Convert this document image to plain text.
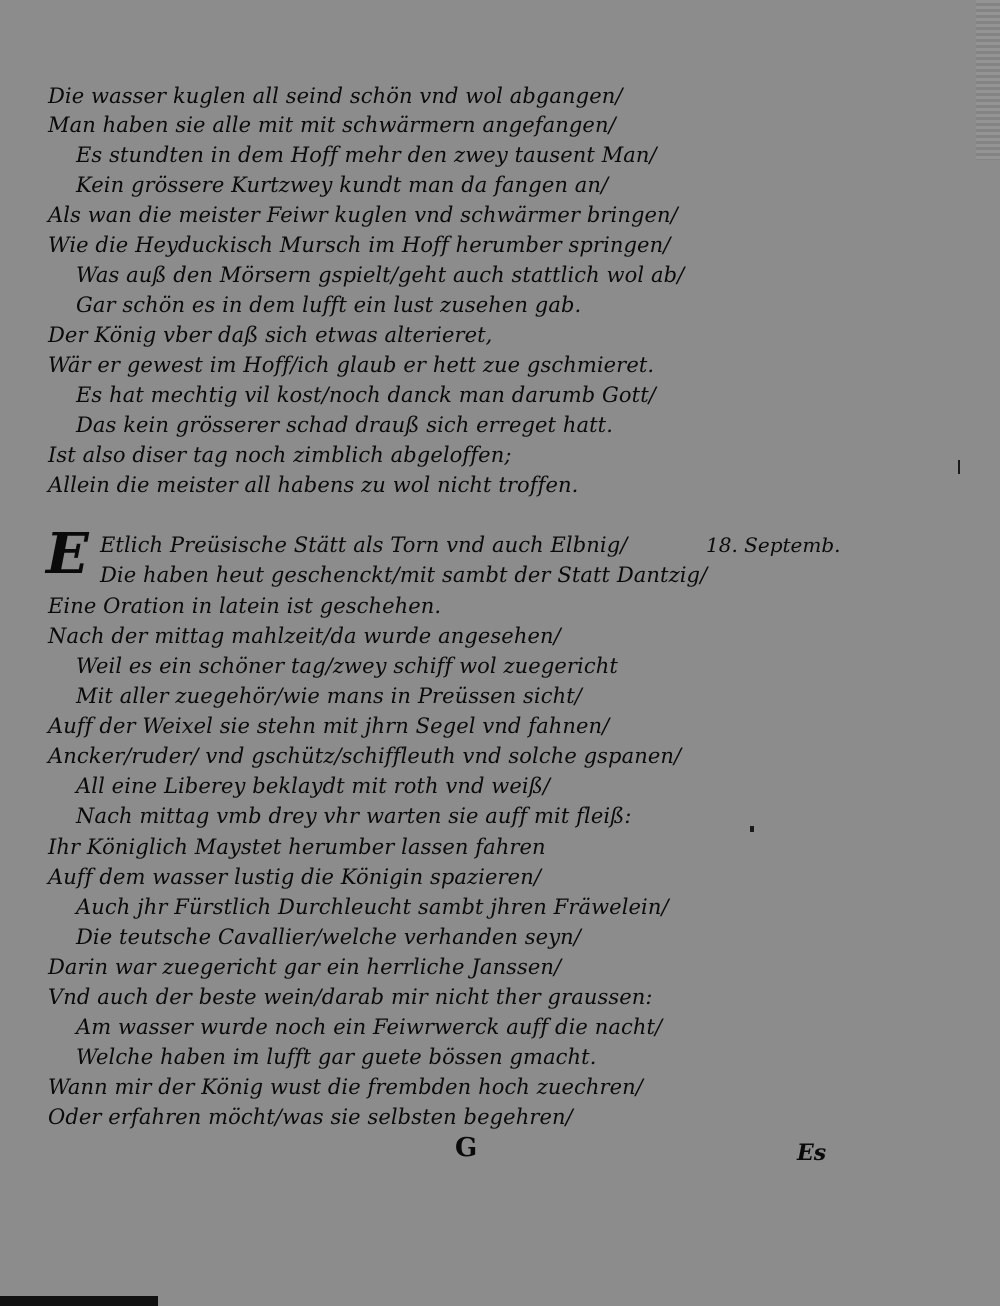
Die wasser kuglen all seind schön vnd wol abgangen/
Man haben sie alle mit mit schwärmern angefangen/
Es stundten in dem Hoff mehr den zwey tausent Man/
Kein grössere Kurtzwey kundt man da fangen an/
Als wan die meister Feiwr kuglen vnd schwärmer bringen/
Wie die Heyduckisch Mursch im Hoff herumber springen/
Was auß den Mörsern gspielt/geht auch stattlich wol ab/
Gar schön es in dem lufft ein lust zusehen gab.
Der König vber daß sich etwas alterieret,
Wär er gewest im Hoff/ich glaub er hett zue gschmieret.
Es hat mechtig vil kost/noch danck man darumb Gott/
Das kein grösserer schad drauß sich erreget hatt.
Ist also diser tag noch zimblich abgeloffen;
Allein die meister all habens zu wol nicht troffen.
E	18. Septemb.
Etlich Preüsische Stätt als Torn vnd auch Elbnig/
Die haben heut geschenckt/mit sambt der Statt Dantzig/
Eine Oration in latein ist geschehen.
Nach der mittag mahlzeit/da wurde angesehen/
Weil es ein schöner tag/zwey schiff wol zuegericht
Mit aller zuegehör/wie mans in Preüssen sicht/
Auff der Weixel sie stehn mit jhrn Segel vnd fahnen/
Ancker/ruder/ vnd gschütz/schiffleuth vnd solche gspanen/
All eine Liberey beklaydt mit roth vnd weiß/
Nach mittag vmb drey vhr warten sie auff mit fleiß:
Ihr Königlich Maystet herumber lassen fahren
Auff dem wasser lustig die Königin spazieren/
Auch jhr Fürstlich Durchleucht sambt jhren Fräwelein/
Die teutsche Cavallier/welche verhanden seyn/
Darin war zuegericht gar ein herrliche Janssen/
Vnd auch der beste wein/darab mir nicht ther graussen:
Am wasser wurde noch ein Feiwrwerck auff die nacht/
Welche haben im lufft gar guete bössen gmacht.
Wann mir der König wust die frembden hoch zuechren/
Oder erfahren möcht/was sie selbsten begehren/
G	Es
